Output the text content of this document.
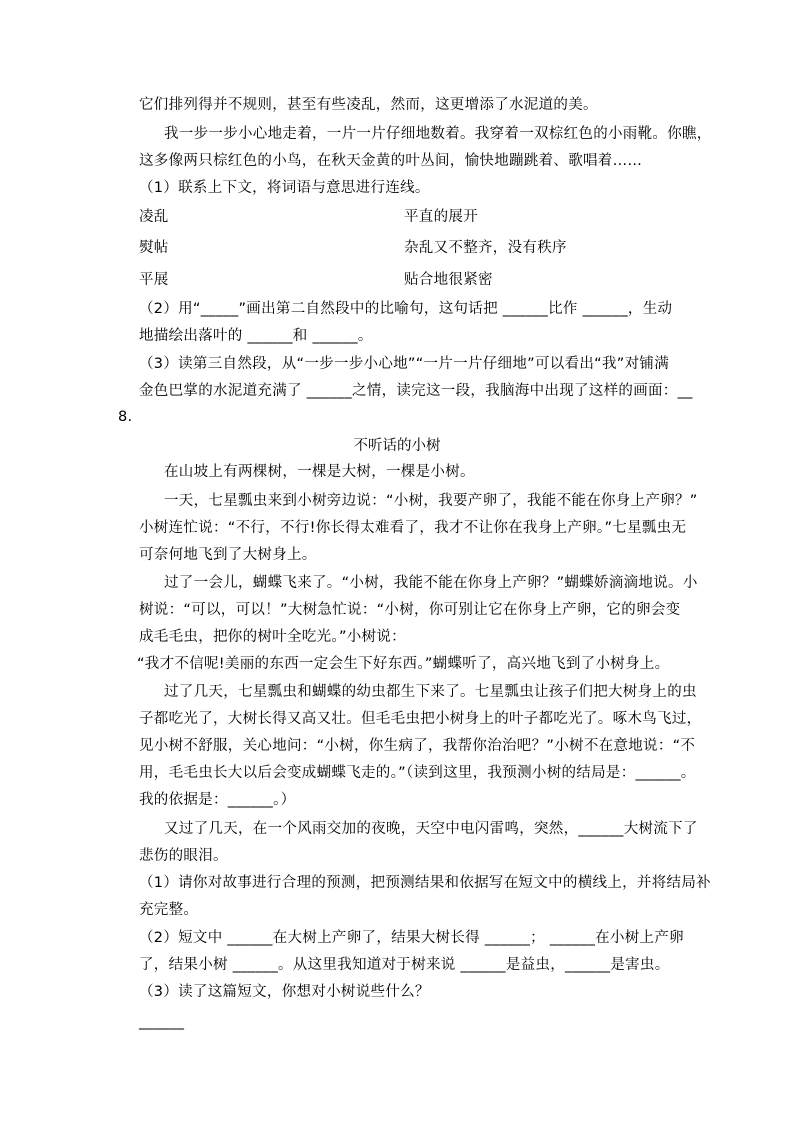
它们排列得并不规则，甚至有些凌乱，然而，这更增添了水泥道的美。
我一步一步小心地走着，一片一片仔细地数着。我穿着一双棕红色的小雨靴。你瞧，
这多像两只棕红色的小鸟，在秋天金黄的叶丛间，愉快地蹦跳着、歌唱着……
（1）联系上下文，将词语与意思进行连线。
凌乱	平直的展开
熨帖	杂乱又不整齐，没有秩序
平展	贴合地很紧密
（2）用“_____”画出第二自然段中的比喻句，这句话把 ______比作 ______，生动
地描绘出落叶的 ______和 ______。
（3）读第三自然段，从“一步一步小心地”“一片一片仔细地”可以看出“我”对铺满
金色巴掌的水泥道充满了 ______之情，读完这一段，我脑海中出现了这样的画面：__
8.
不听话的小树
在山坡上有两棵树，一棵是大树，一棵是小树。
一天，七星瓢虫来到小树旁边说：“小树，我要产卵了，我能不能在你身上产卵？”
小树连忙说：“不行，不行!你长得太难看了，我才不让你在我身上产卵。”七星瓢虫无
可奈何地飞到了大树身上。
过了一会儿，蝴蝶飞来了。“小树，我能不能在你身上产卵？”蝴蝶娇滴滴地说。小
树说：“可以，可以！”大树急忙说：“小树，你可别让它在你身上产卵，它的卵会变
成毛毛虫，把你的树叶全吃光。”小树说：
“我才不信呢!美丽的东西一定会生下好东西。”蝴蝶听了，高兴地飞到了小树身上。
过了几天，七星瓢虫和蝴蝶的幼虫都生下来了。七星瓢虫让孩子们把大树身上的虫
子都吃光了，大树长得又高又壮。但毛毛虫把小树身上的叶子都吃光了。啄木鸟飞过，
见小树不舒服，关心地问：“小树，你生病了，我帮你治治吧？”小树不在意地说：“不
用，毛毛虫长大以后会变成蝴蝶飞走的。”（读到这里，我预测小树的结局是：______。
我的依据是：______。）
又过了几天，在一个风雨交加的夜晚，天空中电闪雷鸣，突然，______大树流下了
悲伤的眼泪。
（1）请你对故事进行合理的预测，把预测结果和依据写在短文中的横线上，并将结局补
充完整。
（2）短文中 ______在大树上产卵了，结果大树长得 ______； ______在小树上产卵
了，结果小树 ______。从这里我知道对于树来说 ______是益虫，______是害虫。
（3）读了这篇短文，你想对小树说些什么？
______
